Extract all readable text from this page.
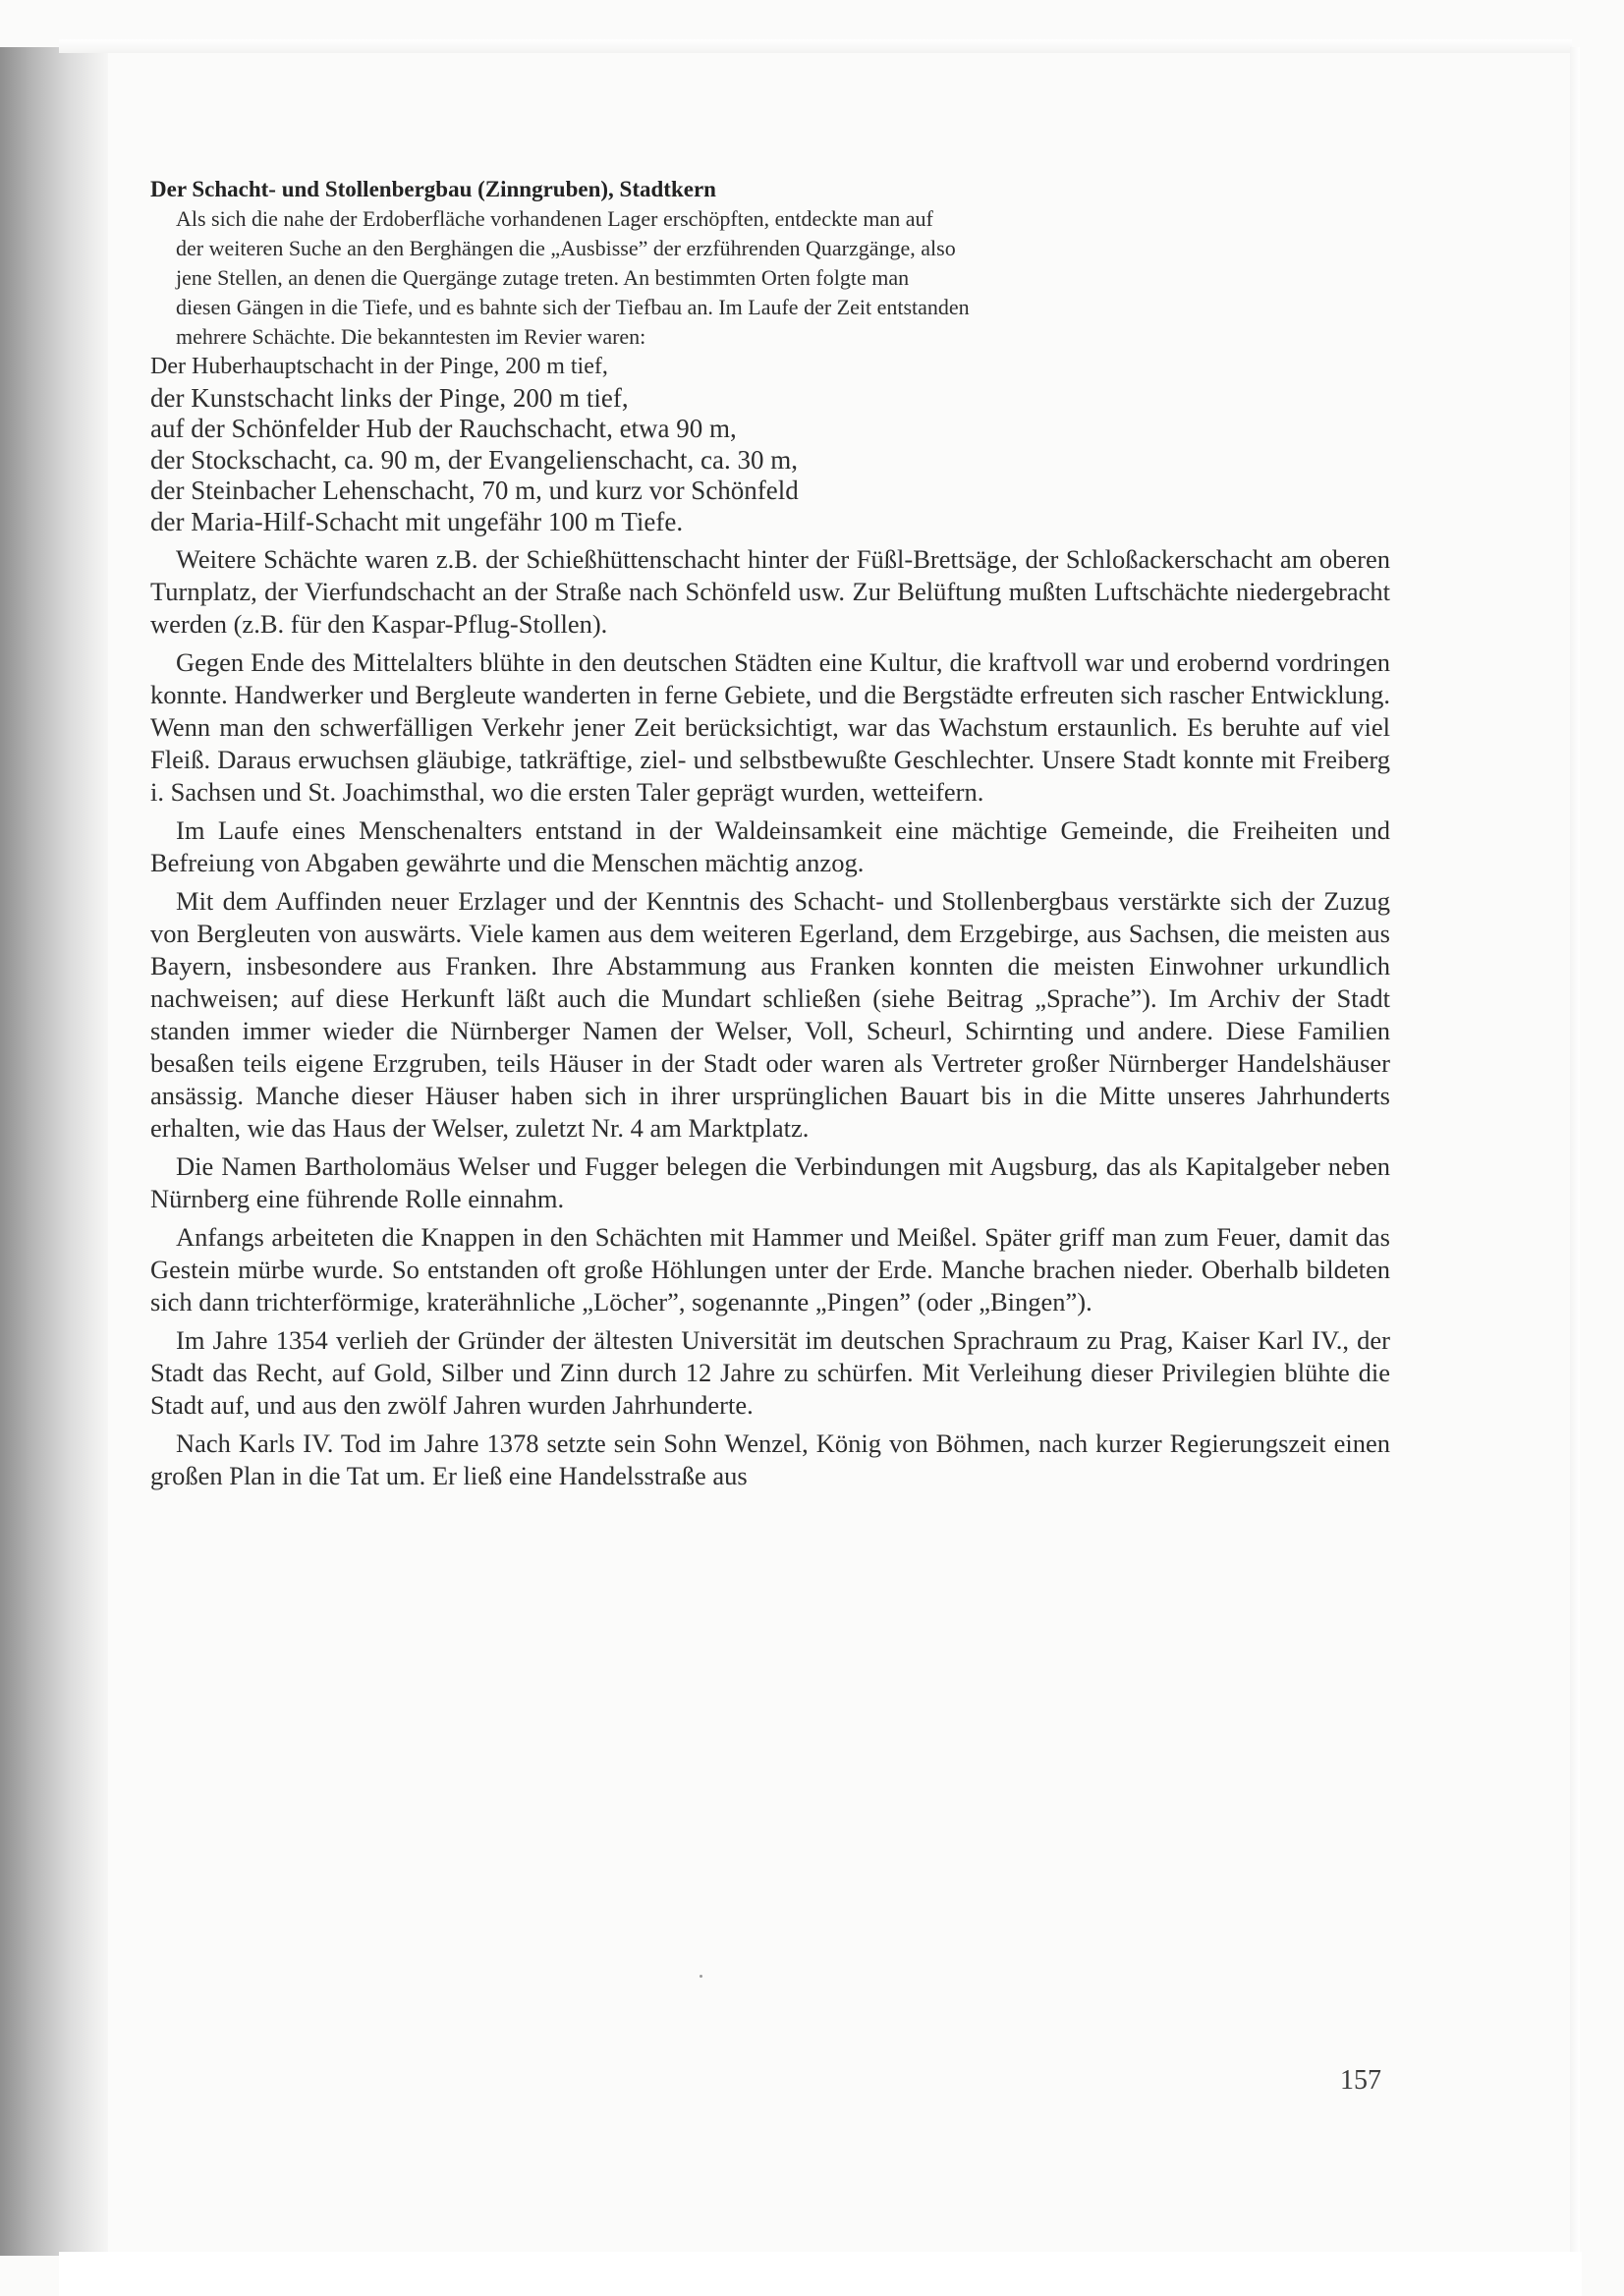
Der Schacht- und Stollenbergbau (Zinngruben), Stadtkern

Als sich die nahe der Erdoberfläche vorhandenen Lager erschöpften, entdeckte man auf
der weiteren Suche an den Berghängen die „Ausbisse” der erzführenden Quarzgänge, also
jene Stellen, an denen die Quergänge zutage treten. An bestimmten Orten folgte man
diesen Gängen in die Tiefe, und es bahnte sich der Tiefbau an. Im Laufe der Zeit entstanden
mehrere Schächte. Die bekanntesten im Revier waren:

Der Huberhauptschacht in der Pinge, 200 m tief,
der Kunstschacht links der Pinge, 200 m tief,
auf der Schönfelder Hub der Rauchschacht, etwa 90 m,
der Stockschacht, ca. 90 m, der Evangelienschacht, ca. 30 m,
der Steinbacher Lehenschacht, 70 m, und kurz vor Schönfeld
der Maria-Hilf-Schacht mit ungefähr 100 m Tiefe.

Weitere Schächte waren z.B. der Schießhüttenschacht hinter der Füßl-Brettsäge, der Schloßackerschacht am oberen Turnplatz, der Vierfundschacht an der Straße nach Schönfeld usw. Zur Belüftung mußten Luftschächte niedergebracht werden (z.B. für den Kaspar-Pflug-Stollen).

Gegen Ende des Mittelalters blühte in den deutschen Städten eine Kultur, die kraftvoll war und erobernd vordringen konnte. Handwerker und Bergleute wanderten in ferne Gebiete, und die Bergstädte erfreuten sich rascher Entwicklung. Wenn man den schwerfälligen Verkehr jener Zeit berücksichtigt, war das Wachstum erstaunlich. Es beruhte auf viel Fleiß. Daraus erwuchsen gläubige, tatkräftige, ziel- und selbstbewußte Geschlechter. Unsere Stadt konnte mit Freiberg i. Sachsen und St. Joachimsthal, wo die ersten Taler geprägt wurden, wetteifern.

Im Laufe eines Menschenalters entstand in der Waldeinsamkeit eine mächtige Gemeinde, die Freiheiten und Befreiung von Abgaben gewährte und die Menschen mächtig anzog.

Mit dem Auffinden neuer Erzlager und der Kenntnis des Schacht- und Stollenbergbaus verstärkte sich der Zuzug von Bergleuten von auswärts. Viele kamen aus dem weiteren Egerland, dem Erzgebirge, aus Sachsen, die meisten aus Bayern, insbesondere aus Franken. Ihre Abstammung aus Franken konnten die meisten Einwohner urkundlich nachweisen; auf diese Herkunft läßt auch die Mundart schließen (siehe Beitrag „Sprache”). Im Archiv der Stadt standen immer wieder die Nürnberger Namen der Welser, Voll, Scheurl, Schirnting und andere. Diese Familien besaßen teils eigene Erzgruben, teils Häuser in der Stadt oder waren als Vertreter großer Nürnberger Handelshäuser ansässig. Manche dieser Häuser haben sich in ihrer ursprünglichen Bauart bis in die Mitte unseres Jahrhunderts erhalten, wie das Haus der Welser, zuletzt Nr. 4 am Marktplatz.

Die Namen Bartholomäus Welser und Fugger belegen die Verbindungen mit Augsburg, das als Kapitalgeber neben Nürnberg eine führende Rolle einnahm.

Anfangs arbeiteten die Knappen in den Schächten mit Hammer und Meißel. Später griff man zum Feuer, damit das Gestein mürbe wurde. So entstanden oft große Höhlungen unter der Erde. Manche brachen nieder. Oberhalb bildeten sich dann trichterförmige, kraterähnliche „Löcher”, sogenannte „Pingen” (oder „Bingen”).

Im Jahre 1354 verlieh der Gründer der ältesten Universität im deutschen Sprachraum zu Prag, Kaiser Karl IV., der Stadt das Recht, auf Gold, Silber und Zinn durch 12 Jahre zu schürfen. Mit Verleihung dieser Privilegien blühte die Stadt auf, und aus den zwölf Jahren wurden Jahrhunderte.

Nach Karls IV. Tod im Jahre 1378 setzte sein Sohn Wenzel, König von Böhmen, nach kurzer Regierungszeit einen großen Plan in die Tat um. Er ließ eine Handelsstraße aus

157
